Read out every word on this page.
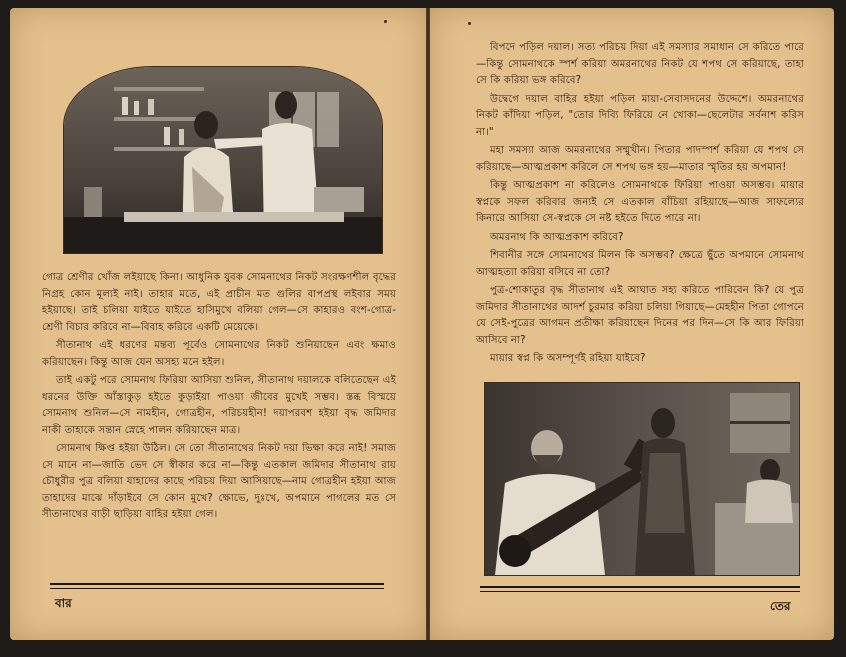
গোত্র শ্রেণীর খোঁজ লইয়াছে কিনা। আধুনিক যুবক সোমনাথের নিকট সংরক্ষণশীল বৃদ্ধের নিগ্রহ কোন মূল্যই নাই। তাহার মতে, এই প্রাচীন মত গুলির বাপপ্রস্থ লইবার সময় হইয়াছে। তাই চলিয়া যাইতে যাইতে হাসিমুখে বলিয়া গেল—সে কাহারও বংশ-গোত্র-শ্রেণী বিচার করিবে না—বিবাহ করিবে একটি মেয়েকে।

সীতানাথ এই ধরণের মন্তব্য পূর্বেও সোমনাথের নিকট শুনিয়াছেন এবং ক্ষমাও করিয়াছেন। কিন্তু আজ যেন অসহ্য মনে হইল।

তাই একটু পরে সোমনাথ ফিরিয়া আসিয়া শুনিল, সীতানাথ দয়ালকে বলিতেছেন এই ধরনের উক্তি আঁস্তাকুড় হইতে কুড়াইয়া পাওয়া জীবের মুখেই সম্ভব। স্তব্ধ বিস্ময়ে সোমনাথ শুনিল—সে নামহীন, গোত্রহীন, পরিচয়হীন! দয়াপরবশ হইয়া বৃদ্ধ জমিদার নাকী তাহাকে সন্তান স্নেহে পালন করিয়াছেন মাত্র।

সোমনাথ ক্ষিপ্ত হইয়া উঠিল। সে তো সীতানাথের নিকট দয়া ভিক্ষা করে নাই! সমাজ সে মানে না—জাতি ভেদ সে স্বীকার করে না—কিন্তু এতকাল জমিদার সীতানাথ রায় চৌধুরীর পুত্র বলিয়া যাহাদের কাছে পরিচয় দিয়া আসিয়াছে—নাম গোত্রহীন হইয়া আজ তাহাদের মাঝে দাঁড়াইবে সে কোন মুখে? ক্ষোভে, দুঃখে, অপমানে পাগলের মত সে সীতানাথের বাড়ী ছাড়িয়া বাহির হইয়া গেল।

বার

বিপদে পড়িল দয়াল। সত্য পরিচয় দিয়া এই সমস্যার সমাধান সে করিতে পারে—কিন্তু সোমনাথকে স্পর্শ করিয়া অমরনাথের নিকট যে শপথ সে করিয়াছে, তাহা সে কি করিয়া ভঙ্গ করিবে?

উদ্বেগে দয়াল বাহির হইয়া পড়িল মায়া-সেবাসদনের উদ্দেশে। অমরনাথের নিকট কাঁদিয়া পড়িল, "তোর দিব্যি ফিরিয়ে নে খোকা—ছেলেটার সর্বনাশ করিস না।"

মহা সমস্যা আজ অমরনাথের সম্মুখীন। পিতার পাদস্পর্শ করিয়া যে শপথ সে করিয়াছে—আত্মপ্রকাশ করিলে সে শপথ ভঙ্গ হয়—মাতার স্মৃতির হয় অপমান!

কিন্তু আত্মপ্রকাশ না করিলেও সোমনাথকে ফিরিয়া পাওয়া অসম্ভব। মায়ার স্বপ্নকে সফল করিবার জন্যই সে এতকাল বাঁচিয়া রহিয়াছে—আজ সাফল্যের কিনারে আসিয়া সে-স্বপ্নকে সে নষ্ট হইতে দিতে পারে না।

অমরনাথ কি আত্মপ্রকাশ করিবে?

শিবানীর সঙ্গে সোমনাথের মিলন কি অসম্ভব? ক্ষেত্রে ছুঁতে অপমানে সোমনাথ আত্মহত্যা করিয়া বসিবে না তো?

পুত্র-শোকাতুর বৃদ্ধ সীতানাথ এই আঘাত সহ্য করিতে পারিবেন কি? যে পুত্র জমিদার সীতানাথের আদর্শ চুরমার করিয়া চলিয়া গিয়াছে—মেহহীন পিতা গোপনে যে সেই-পুত্রের আগমন প্রতীক্ষা করিয়াছেন দিনের পর দিন—সে কি আর ফিরিয়া আসিবে না?

মায়ার স্বপ্ন কি অসম্পূর্ণই রহিয়া যাইবে?

তের
